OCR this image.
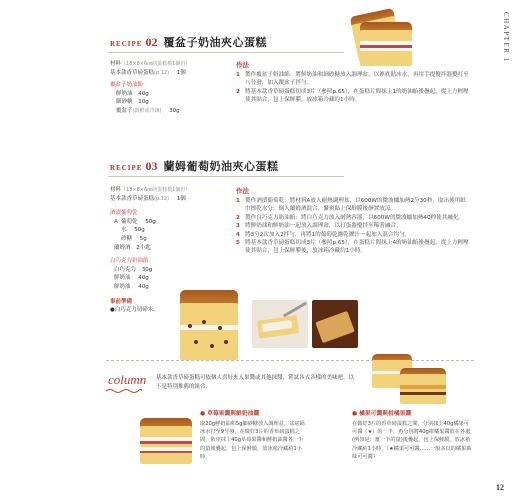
CHAPTER 1
RECIPE 02 覆盆子奶油夾心蛋糕
材料（18×8×6㎝磅蛋糕模1個份）
基本款香草磅蛋糕(p.12) 1個
覆盆子奶油餡
鮮奶油 40g
細砂糖 10g
覆盆子(新鮮或冷凍) 30g
作法
1 製作覆盆子奶油餡：將鮮奶油和細砂糖放入調理盆，以裡底貼冰水，再用手提攪拌器攪打至八分發，加入覆盆子拌勻。
2 將基本款香草磅蛋糕切成3片（參照p.65），在蛋糕片間抹上1的奶油餡後疊起，從上方輕壓使其貼合，包上保鮮膜，放冰箱冷藏約1小時。
RECIPE 03 蘭姆葡萄奶油夾心蛋糕
材料（18×8×6㎝磅蛋糕模1個份）
基本款香草磅蛋糕(p.12) 1個
酒漬葡萄乾
A 葡萄乾 50g
水 50g
砂糖 5g
蘭姆酒 2小匙
白巧克力奶油餡
白巧克力 30g
鮮奶油 40g
鮮奶油 40g
事前準備
●白巧克力切碎末。
作法
1 製作酒漬葡萄乾：將材料A放入耐熱調理盆，以600W的微波爐加熱2分30秒，取出後用紙巾擦乾水分，倒入蘭姆酒混合，緊密貼上保鮮膜後靜置放涼。
2 製作白巧克力奶油餡：將白巧克力放入耐熱容器，以600W的微波爐加熱40秒使其融化。
3 將鮮奶油和鮮奶油一起放入調理盆，以打蛋器攪拌至稀者融合。
4 將3分2次加入2拌勻，再將1的葡萄乾濾乾瀝汁一起加入混合均勻。
5 將基本款香草磅蛋糕切成3片（參照p.65），在蛋糕片間抹上4的奶油餡後疊起，從上方輕壓使其貼合，包上保鮮膜後，放冰箱冷藏約1小時。
column 基本款香草磅蛋糕可依個人喜好夾入果醬或其他抹醬，嘗試各式各樣的美味吧。以下是特別推薦的組合：
● 草莓果醬與鮮奶油醬
取20g鮮奶油和5g細砂糖放入調理盆，盆底隔冰水打至9分發，在做好3片的香草磅蛋糕之間，依序抹上40g草莓果醬和鮮奶油醬各一半的量後疊起，包上保鮮膜，放冰箱冷藏約1小時。
● 橘果可醬與柑橘果醬
在做好3片的香草磅蛋糕之間，分別抹上40g橘果可可醬（★）的一半，再分別將40g柑橘果醬放在各處(例如是：薑一半的量)後疊起，包上保鮮膜，放冰箱冷藏約1小時。（★橘果可可醬……一般多以的橘果萬味可可醬）
12
